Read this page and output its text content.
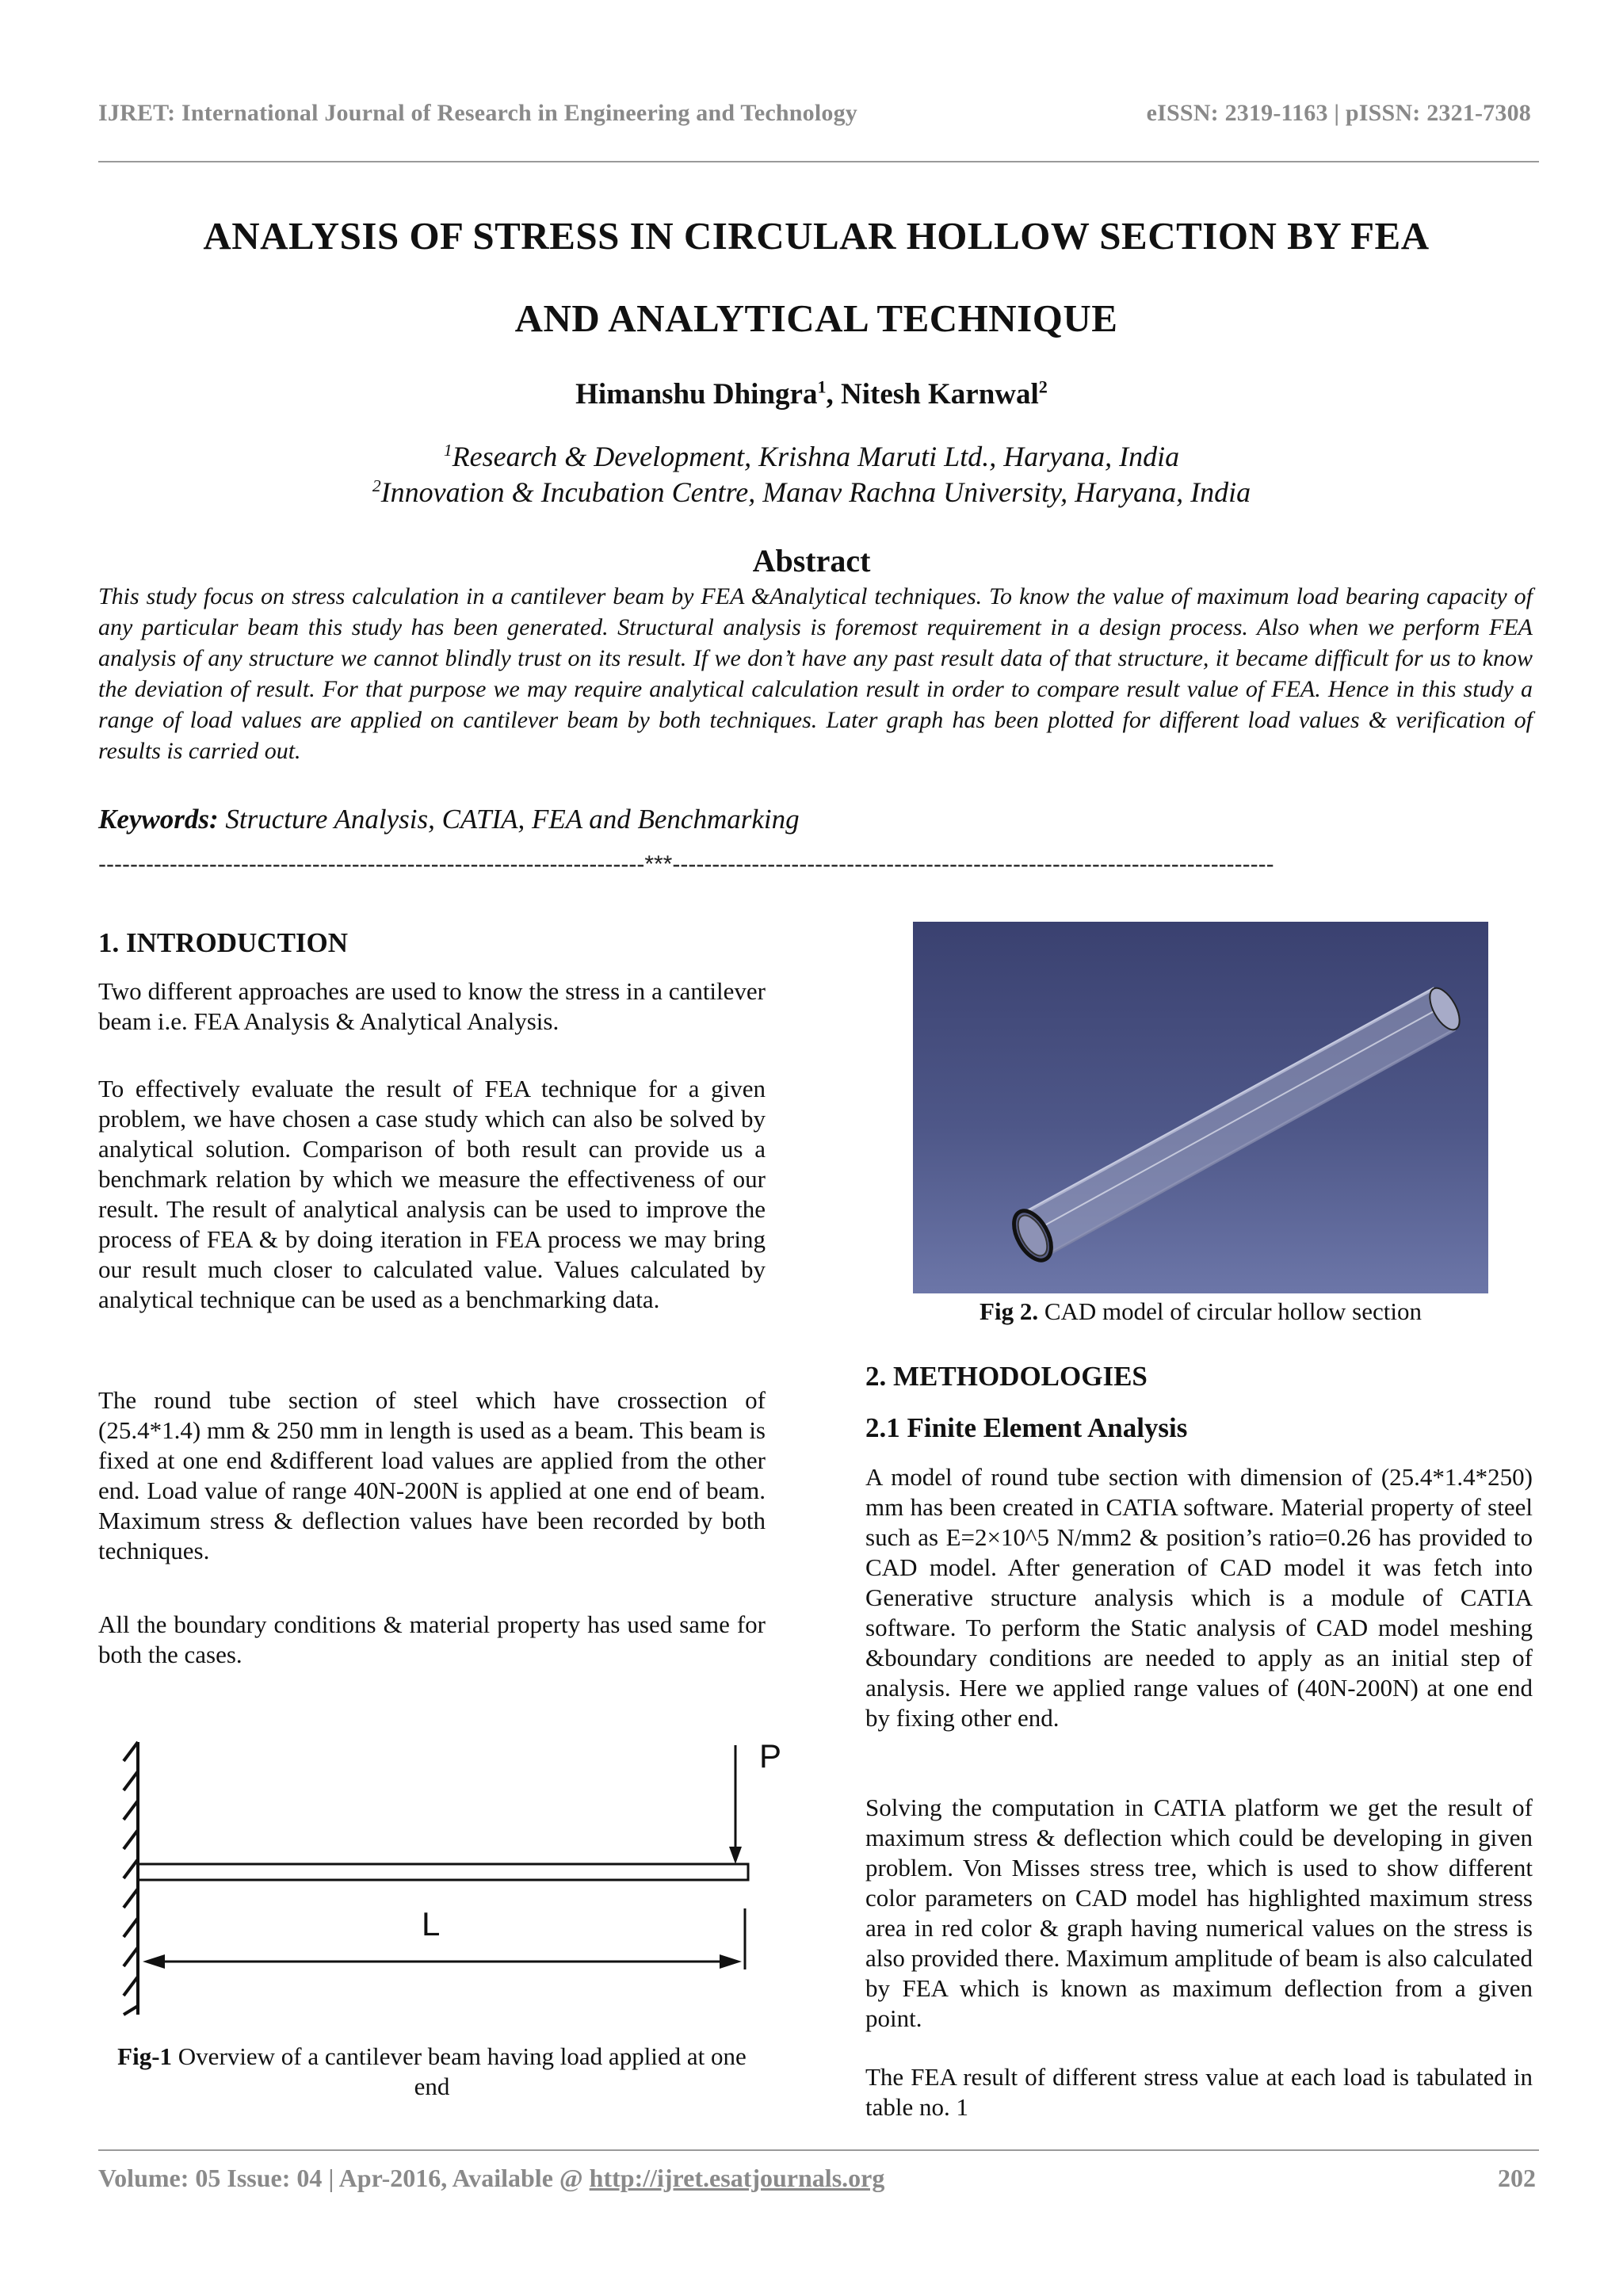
IJRET: International Journal of Research in Engineering and Technology	eISSN: 2319-1163 | pISSN: 2321-7308
ANALYSIS OF STRESS IN CIRCULAR HOLLOW SECTION BY FEA
AND ANALYTICAL TECHNIQUE
Himanshu Dhingra$^1$, Nitesh Karnwal$^2$
$^1$Research & Development, Krishna Maruti Ltd., Haryana, India
$^2$Innovation & Incubation Centre, Manav Rachna University, Haryana, India
Abstract
This study focus on stress calculation in a cantilever beam by FEA &Analytical techniques. To know the value of maximum load bearing capacity of any particular beam this study has been generated. Structural analysis is foremost requirement in a design process. Also when we perform FEA analysis of any structure we cannot blindly trust on its result. If we don’t have any past result data of that structure, it became difficult for us to know the deviation of result. For that purpose we may require analytical calculation result in order to compare result value of FEA. Hence in this study a range of load values are applied on cantilever beam by both techniques. Later graph has been plotted for different load values & verification of results is carried out.
Keywords: Structure Analysis, CATIA, FEA and Benchmarking
---------------------------------------------------------------------***----------------------------------------------------------------------------
1. INTRODUCTION
Two different approaches are used to know the stress in a cantilever beam i.e. FEA Analysis & Analytical Analysis.
To effectively evaluate the result of FEA technique for a given problem, we have chosen a case study which can also be solved by analytical solution. Comparison of both result can provide us a benchmark relation by which we measure the effectiveness of our result. The result of analytical analysis can be used to improve the process of FEA & by doing iteration in FEA process we may bring our result much closer to calculated value. Values calculated by analytical technique can be used as a benchmarking data.
The round tube section of steel which have crossection of (25.4*1.4) mm & 250 mm in length is used as a beam. This beam is fixed at one end &different load values are applied from the other end. Load value of range 40N-200N is applied at one end of beam. Maximum stress & deflection values have been recorded by both techniques.
All the boundary conditions & material property has used same for both the cases.
P
L
Fig-1 Overview of a cantilever beam having load applied at one end
Fig 2. CAD model of circular hollow section
2. METHODOLOGIES
2.1 Finite Element Analysis
A model of round tube section with dimension of (25.4*1.4*250) mm has been created in CATIA software. Material property of steel such as E=2×10^5 N/mm2 & position’s ratio=0.26 has provided to CAD model. After generation of CAD model it was fetch into Generative structure analysis which is a module of CATIA software. To perform the Static analysis of CAD model meshing &boundary conditions are needed to apply as an initial step of analysis. Here we applied range values of (40N-200N) at one end by fixing other end.
Solving the computation in CATIA platform we get the result of maximum stress & deflection which could be developing in given problem. Von Misses stress tree, which is used to show different color parameters on CAD model has highlighted maximum stress area in red color & graph having numerical values on the stress is also provided there. Maximum amplitude of beam is also calculated by FEA which is known as maximum deflection from a given point.
The FEA result of different stress value at each load is tabulated in table no. 1
Volume: 05 Issue: 04 | Apr-2016, Available @ http://ijret.esatjournals.org	202
